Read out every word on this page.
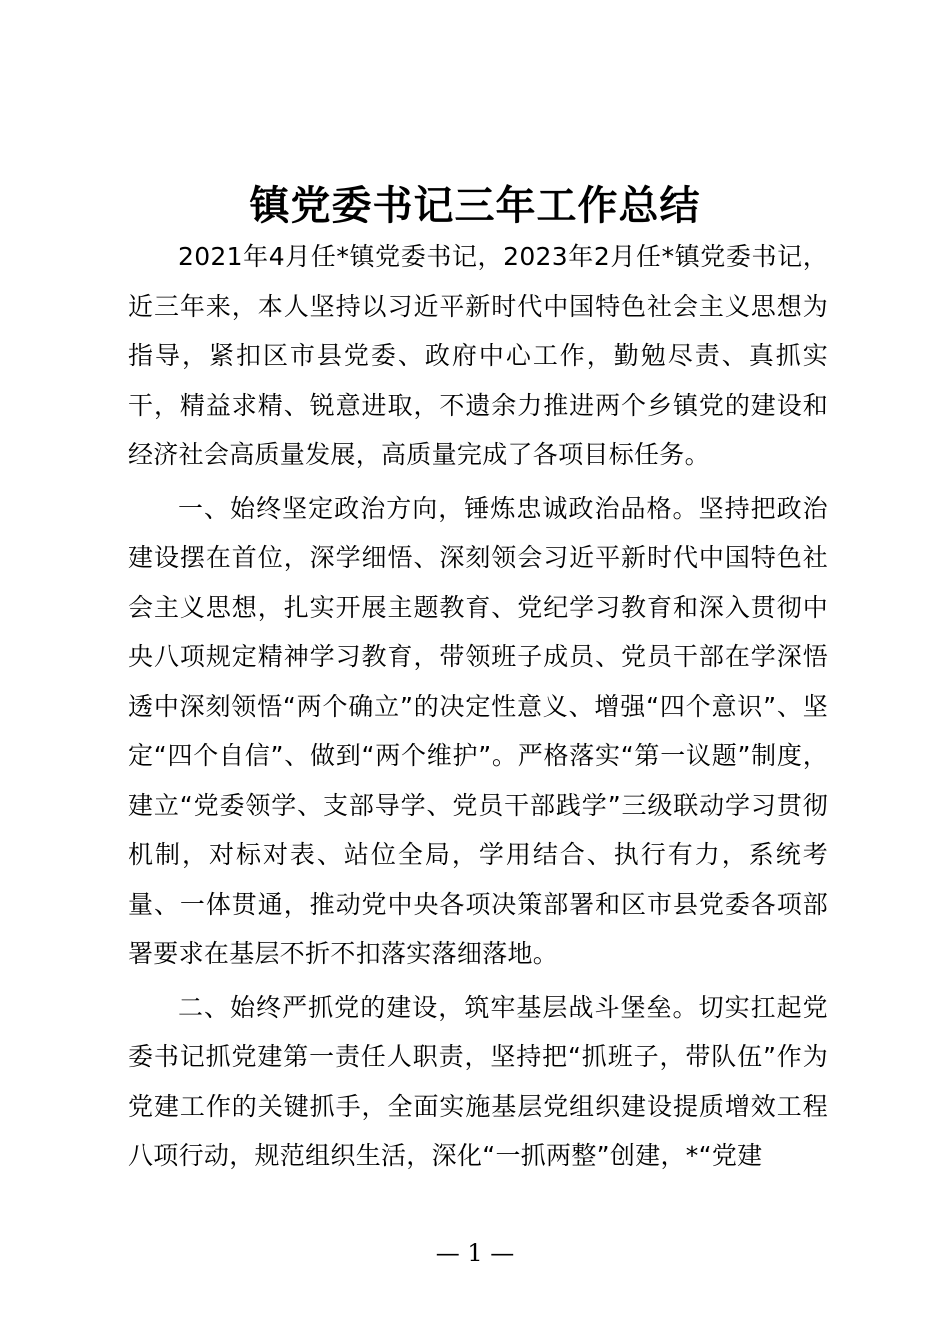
镇党委书记三年工作总结

2021年4月任*镇党委书记，2023年2月任*镇党委书记，近三年来，本人坚持以习近平新时代中国特色社会主义思想为指导，紧扣区市县党委、政府中心工作，勤勉尽责、真抓实干，精益求精、锐意进取，不遗余力推进两个乡镇党的建设和经济社会高质量发展，高质量完成了各项目标任务。

一、始终坚定政治方向，锤炼忠诚政治品格。坚持把政治建设摆在首位，深学细悟、深刻领会习近平新时代中国特色社会主义思想，扎实开展主题教育、党纪学习教育和深入贯彻中央八项规定精神学习教育，带领班子成员、党员干部在学深悟透中深刻领悟“两个确立”的决定性意义、增强“四个意识”、坚定“四个自信”、做到“两个维护”。严格落实“第一议题”制度，建立“党委领学、支部导学、党员干部践学”三级联动学习贯彻机制，对标对表、站位全局，学用结合、执行有力，系统考量、一体贯通，推动党中央各项决策部署和区市县党委各项部署要求在基层不折不扣落实落细落地。

二、始终严抓党的建设，筑牢基层战斗堡垒。切实扛起党委书记抓党建第一责任人职责，坚持把“抓班子，带队伍”作为党建工作的关键抓手，全面实施基层党组织建设提质增效工程八项行动，规范组织生活，深化“一抓两整”创建，*“党建

— 1 —
